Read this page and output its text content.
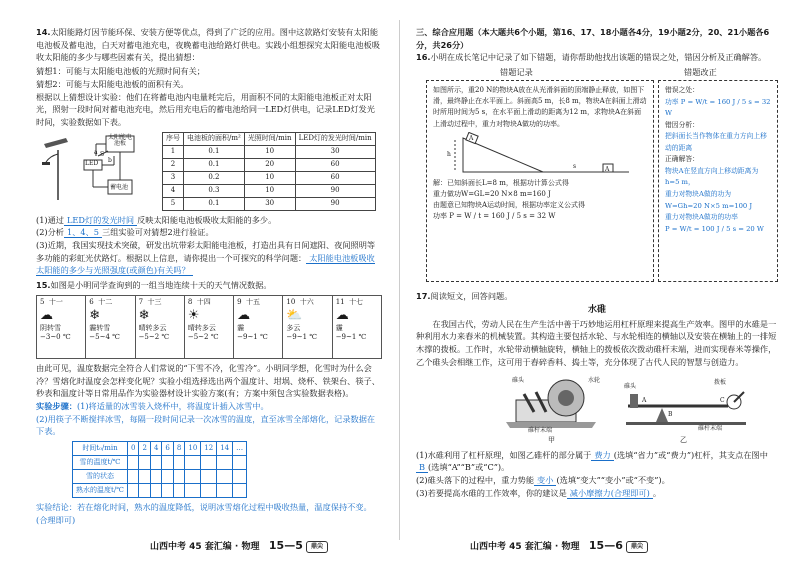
14.太阳能路灯因节能环保、安装方便等优点，得到了广泛的应用。图中这款路灯安装有太阳能电池板及蓄电池，白天对蓄电池充电，夜晚蓄电池给路灯供电。实践小组想探究太阳能电池板吸收太阳能的多少与哪些因素有关，提出猜想：

猜想1：可能与太阳能电池板的光照时间有关；

猜想2：可能与太阳能电池板的面积有关。

根据以上猜想设计实验：他们在将蓄电池内电量耗完后，用面积不同的太阳能电池板正对太阳光，照射一段时间对蓄电池充电，然后用充电后的蓄电池给同一LED灯供电，记录LED灯发光时间，实验数据如下表。

太阳能电池板
a
b
S
LED
蓄电池
序号	电池板的面积/m²	光照时间/min	LED灯的发光时间/min
1	0.1	10	30
2	0.1	20	60
3	0.2	10	60
4	0.3	10	90
5	0.1	30	90

(1)通过 LED灯的发光时间 反映太阳能电池板吸收太阳能的多少。

(2)分析 1、4、5 三组实验可对猜想2进行验证。

(3)近期，我国实现技术突破，研发出坑带彩太阳能电池板，打造出具有日间遮阳、夜间照明等多功能的彩虹光伏路灯。根据以上信息，请你提出一个可探究的科学问题： 太阳能电池板吸收太阳能的多少与光照强度(或颜色)有关吗？

15.如图是小明同学查询到的一组当地连续十天的天气情况数据。

5 十一
☁
阴转雪
−3~0 ℃
6 十二
❄
霾转雪
−5~4 ℃
7 十三
❄
晴转多云
−5~2 ℃
8 十四
☀
晴转多云
−5~2 ℃
9 十五
☁
霾
−9~1 ℃
10 十六
⛅
多云
−9~1 ℃
11 十七
☁
霾
−9~1 ℃

由此可见，温度数据完全符合人们常说的“下雪不冷，化雪冷”。小明同学想，化雪时为什么会冷？雪熔化时温度会怎样变化呢？实验小组选择选出两个温度计、坩埚、烧杯、铁架台、筷子、秒表和温度计等日常用品作为实验器材设计实验方案(有；方案中须包含实验数据表格)。

实验步骤：(1)将适量的冰雪装入烧杯中，将温度计插入冰雪中。

(2)用筷子不断搅拌冰雪，每隔一段时间记录一次冰雪的温度，直至冰雪全部熔化，记录数据在下表。

时间t₀/min	0	2	4	6	8	10	12	14	…
雪的温度t/℃									
雪的状态									
熟水的温度t/℃									

实验结论：若在熔化时间，熟水的温度降低，说明冰雪熔化过程中吸收热量，温度保持不变。(合理即可)

山西中考 45 套汇编 · 物理 15—5 鼎尖

三、综合应用题（本大题共6个小题，第16、17、18小题各4分，19小题2分，20、21小题各6分，共26分）

16.小明在成长笔记中记录了如下错题，请你帮助他找出该题的错误之处，错因分析及正确解答。

错题记录	错题改正

如图所示，重20 N的物块A放在从光滑斜面的顶端静止释放，如图下滑，最终静止在水平面上。斜面高5 m，长8 m，物块A在斜面上滑动时所用时间为5 s，在水平面上滑动的距离为12 m，求物块A在斜面上滑动过程中，重力对物块A做功的功率。

A
h
s	A

解：已知斜面长L=8 m，根据功计算公式得

重力做功W=GL=20 N×8 m=160 J

由题意已知物块A运动时间，根据功率定义公式得

功率 P = W / t = 160 J / 5 s = 32 W

错误之处：

功率 P = W/t = 160 J / 5 s = 32 W

错因分析：

把斜面长当作物体在重力方向上移动的距离

正确解答：

物块A在竖直方向上移动距离为h=5 m，

重力对物块A做的功为

W=Gh=20 N×5 m=100 J

重力对物块A做功的功率

P = W/t = 100 J / 5 s = 20 W

17.阅读短文，回答问题。

水碓

在我国古代，劳动人民在生产生活中善于巧妙地运用杠杆原理来提高生产效率。图甲的水碓是一种利用水力来舂米的机械装置。其构造主要包括水轮、与水轮相连的横轴以及安装在横轴上的一排短木撑的拨板。工作时，水轮带动横轴旋转，横轴上的拨板依次拨动碓杆末端，进而实现春米等操作，乙个碓头会相继工作，这可用于舂碎香料、捣土等，充分体现了古代人民的智慧与创造力。

碓头	水轮
碓杆末端
碓头
拨板
A
B
C
碓杆末端
甲	乙

(1)水碓利用了杠杆原理，如图乙碓杆的部分属于 费力 (选填“省力”或“费力”)杠杆，其支点在图中B (选填“A”“B”或“C”)。

(2)碓头落下的过程中，重力势能 变小 (选填“变大”“变小”或“不变”)。

(3)若要提高水碓的工作效率，你的建议是 减小摩擦力(合理即可) 。

山西中考 45 套汇编 · 物理 15—6 鼎尖
